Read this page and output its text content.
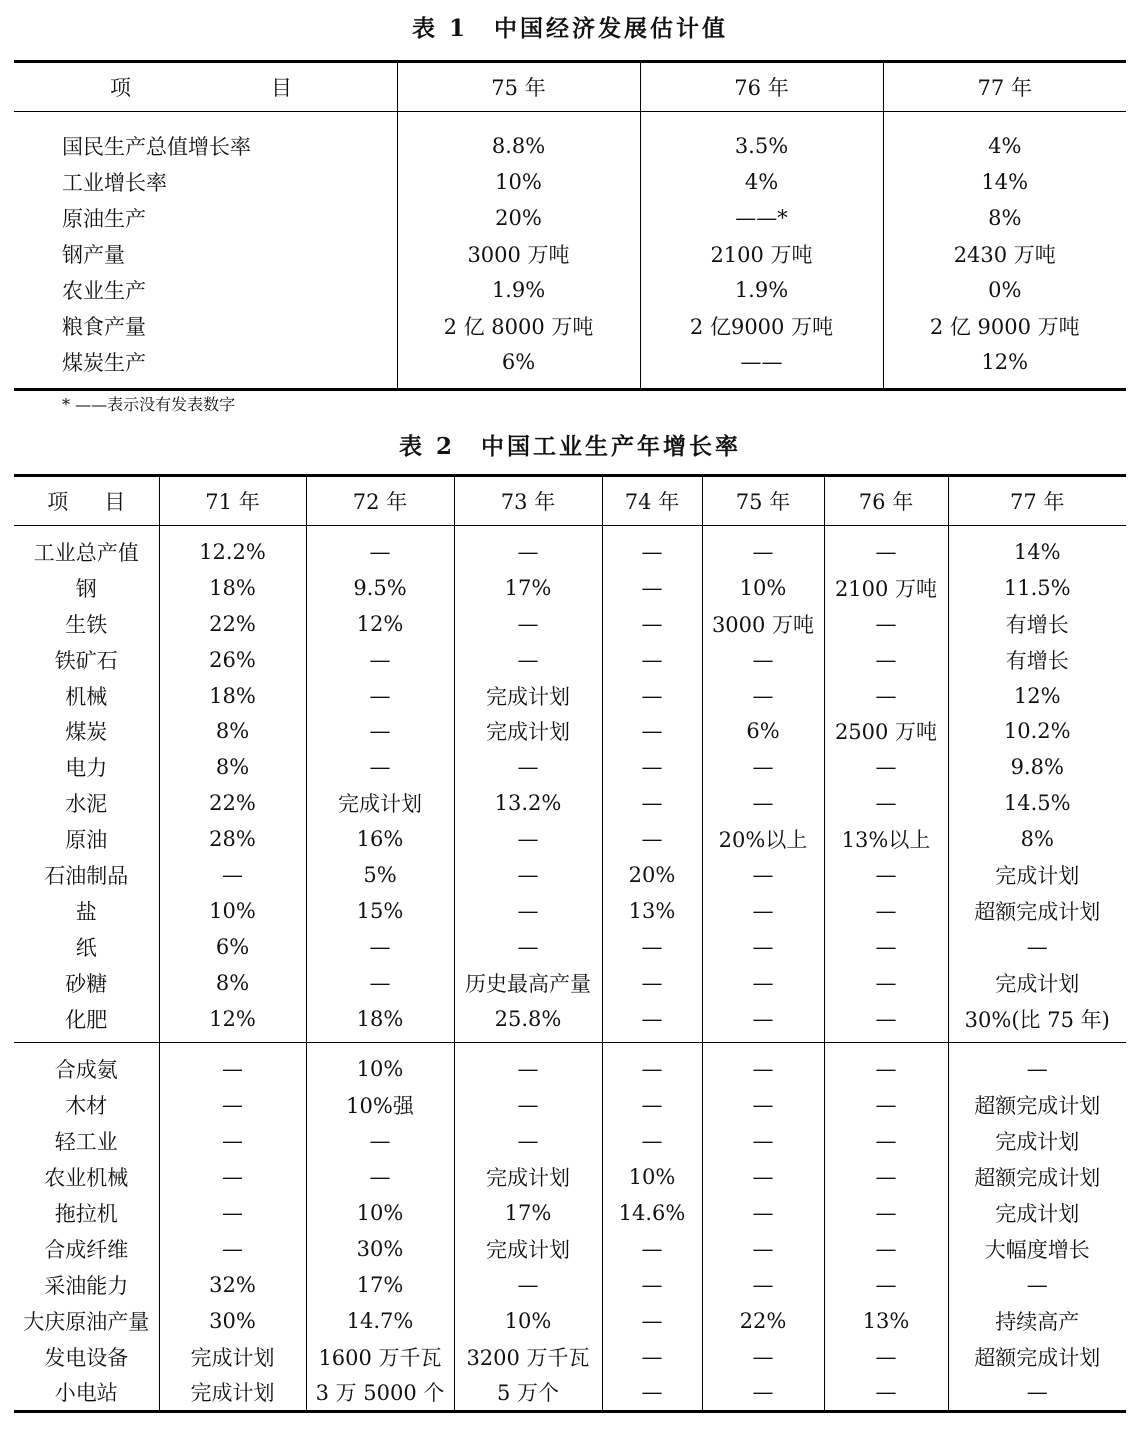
表 1　中国经济发展估计值
项 目	75 年	76 年	77 年
国民生产总值增长率	8.8%	3.5%	4%
工业增长率	10%	4%	14%
原油生产	20%	——*	8%
钢产量	3000 万吨	2100 万吨	2430 万吨
农业生产	1.9%	1.9%	0%
粮食产量	2 亿 8000 万吨	2 亿9000 万吨	2 亿 9000 万吨
煤炭生产	6%	——	12%
* ——表示没有发表数字
表 2　中国工业生产年增长率
项 目	71 年	72 年	73 年	74 年	75 年	76 年	77 年
工业总产值	12.2%	—	—	—	—	—	14%
钢	18%	9.5%	17%	—	10%	2100 万吨	11.5%
生铁	22%	12%	—	—	3000 万吨	—	有增长
铁矿石	26%	—	—	—	—	—	有增长
机械	18%	—	完成计划	—	—	—	12%
煤炭	8%	—	完成计划	—	6%	2500 万吨	10.2%
电力	8%	—	—	—	—	—	9.8%
水泥	22%	完成计划	13.2%	—	—	—	14.5%
原油	28%	16%	—	—	20%以上	13%以上	8%
石油制品	—	5%	—	20%	—	—	完成计划
盐	10%	15%	—	13%	—	—	超额完成计划
纸	6%	—	—	—	—	—	—
砂糖	8%	—	历史最高产量	—	—	—	完成计划
化肥	12%	18%	25.8%	—	—	—	30%(比 75 年)
合成氨	—	10%	—	—	—	—	—
木材	—	10%强	—	—	—	—	超额完成计划
轻工业	—	—	—	—	—	—	完成计划
农业机械	—	—	完成计划	10%	—	—	超额完成计划
拖拉机	—	10%	17%	14.6%	—	—	完成计划
合成纤维	—	30%	完成计划	—	—	—	大幅度增长
采油能力	32%	17%	—	—	—	—	—
大庆原油产量	30%	14.7%	10%	—	22%	13%	持续高产
发电设备	完成计划	1600 万千瓦	3200 万千瓦	—	—	—	超额完成计划
小电站	完成计划	3 万 5000 个	5 万个	—	—	—	—
